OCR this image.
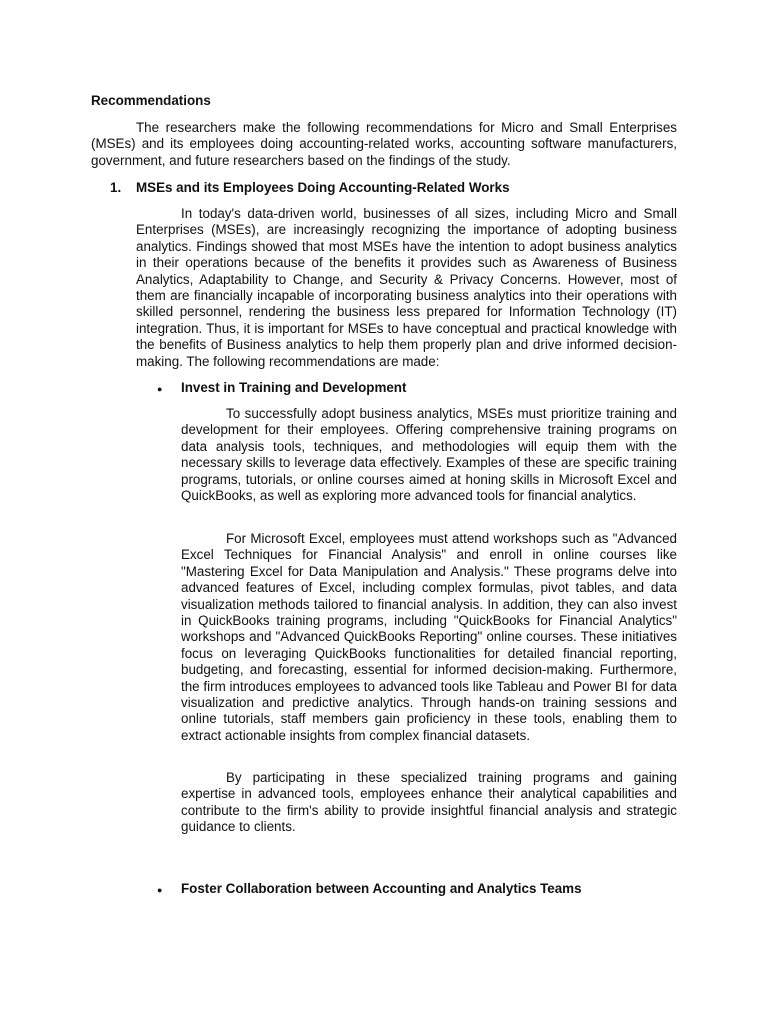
Recommendations

The researchers make the following recommendations for Micro and Small Enterprises (MSEs) and its employees doing accounting-related works, accounting software manufacturers, government, and future researchers based on the findings of the study.

1. MSEs and its Employees Doing Accounting-Related Works

In today's data-driven world, businesses of all sizes, including Micro and Small Enterprises (MSEs), are increasingly recognizing the importance of adopting business analytics. Findings showed that most MSEs have the intention to adopt business analytics in their operations because of the benefits it provides such as Awareness of Business Analytics, Adaptability to Change, and Security & Privacy Concerns. However, most of them are financially incapable of incorporating business analytics into their operations with skilled personnel, rendering the business less prepared for Information Technology (IT) integration. Thus, it is important for MSEs to have conceptual and practical knowledge with the benefits of Business analytics to help them properly plan and drive informed decision-making. The following recommendations are made:

● Invest in Training and Development

To successfully adopt business analytics, MSEs must prioritize training and development for their employees. Offering comprehensive training programs on data analysis tools, techniques, and methodologies will equip them with the necessary skills to leverage data effectively. Examples of these are specific training programs, tutorials, or online courses aimed at honing skills in Microsoft Excel and QuickBooks, as well as exploring more advanced tools for financial analytics.

For Microsoft Excel, employees must attend workshops such as "Advanced Excel Techniques for Financial Analysis" and enroll in online courses like "Mastering Excel for Data Manipulation and Analysis." These programs delve into advanced features of Excel, including complex formulas, pivot tables, and data visualization methods tailored to financial analysis. In addition, they can also invest in QuickBooks training programs, including "QuickBooks for Financial Analytics" workshops and "Advanced QuickBooks Reporting" online courses. These initiatives focus on leveraging QuickBooks functionalities for detailed financial reporting, budgeting, and forecasting, essential for informed decision-making. Furthermore, the firm introduces employees to advanced tools like Tableau and Power BI for data visualization and predictive analytics. Through hands-on training sessions and online tutorials, staff members gain proficiency in these tools, enabling them to extract actionable insights from complex financial datasets.

By participating in these specialized training programs and gaining expertise in advanced tools, employees enhance their analytical capabilities and contribute to the firm's ability to provide insightful financial analysis and strategic guidance to clients.

● Foster Collaboration between Accounting and Analytics Teams
